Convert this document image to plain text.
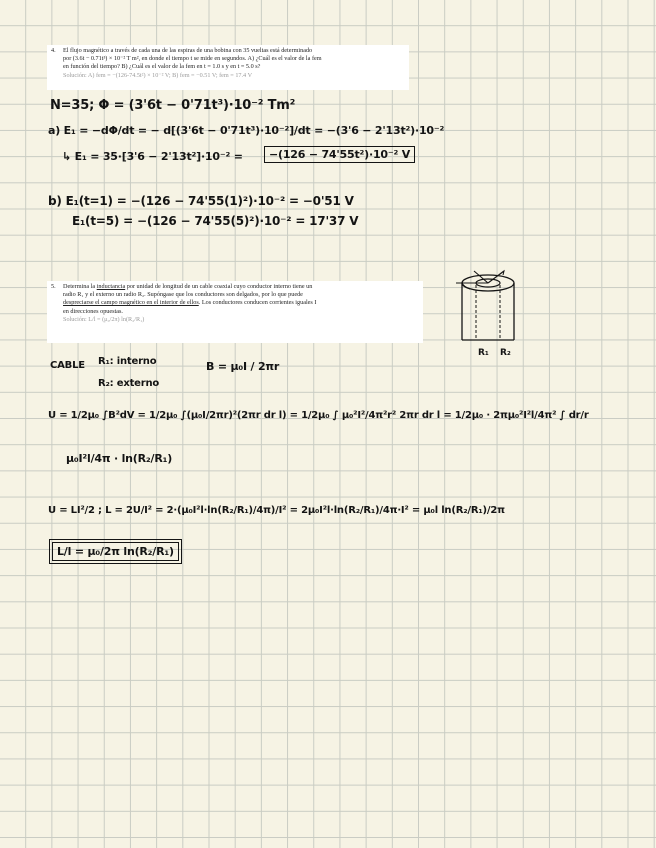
4. El flujo magnético a través de cada una de las espiras de una bobina con 35 vueltas está determinado
por (3.6t − 0.71t³) × 10⁻² T m², en donde el tiempo t se mide en segundos. A) ¿Cuál es el valor de la fem
en función del tiempo? B) ¿Cuál es el valor de la fem en t = 1.0 s y en t = 5.0 s?
Solución: A) fem = −(126-74.5t²) × 10⁻² V; B) fem = −0.51 V; fem = 17.4 V
N=35; Φ = (3'6t − 0'71t³)·10⁻² Tm²
a) E₁ = −dΦ/dt = − d[(3'6t − 0'71t³)·10⁻²]/dt = −(3'6 − 2'13t²)·10⁻²
↳ E₁ = 35·[3'6 − 2'13t²]·10⁻² =	−(126 − 74'55t²)·10⁻² V
b) E₁(t=1) = −(126 − 74'55(1)²)·10⁻² = −0'51 V
E₁(t=5) = −(126 − 74'55(5)²)·10⁻² = 17'37 V
5. Determina la inductancia por unidad de longitud de un cable coaxial cuyo conductor interno tiene un
radio R₁ y el externo un radio R₂. Supóngase que los conductores son delgados, por lo que puede
despreciarse el campo magnético en el interior de ellos. Los conductores conducen corrientes iguales I
en direcciones opuestas.
Solución: L/l = (μ₀/2π) ln(R₂/R₁)
R₁ R₂
CABLE R₁: interno
R₂: externo
B = μ₀I / 2πr
U = 1/2μ₀ ∫B²dV = 1/2μ₀ ∫(μ₀I/2πr)²(2πr dr l) = 1/2μ₀ ∫ μ₀²I²/4π²r² 2πr dr l = 1/2μ₀ · 2πμ₀²I²l/4π² ∫ dr/r
μ₀I²l/4π · ln(R₂/R₁)
U = LI²/2 ; L = 2U/I² = 2·(μ₀I²l·ln(R₂/R₁)/4π)/I² = 2μ₀I²l·ln(R₂/R₁)/4π·I² = μ₀l ln(R₂/R₁)/2π
L/l = μ₀/2π ln(R₂/R₁)
